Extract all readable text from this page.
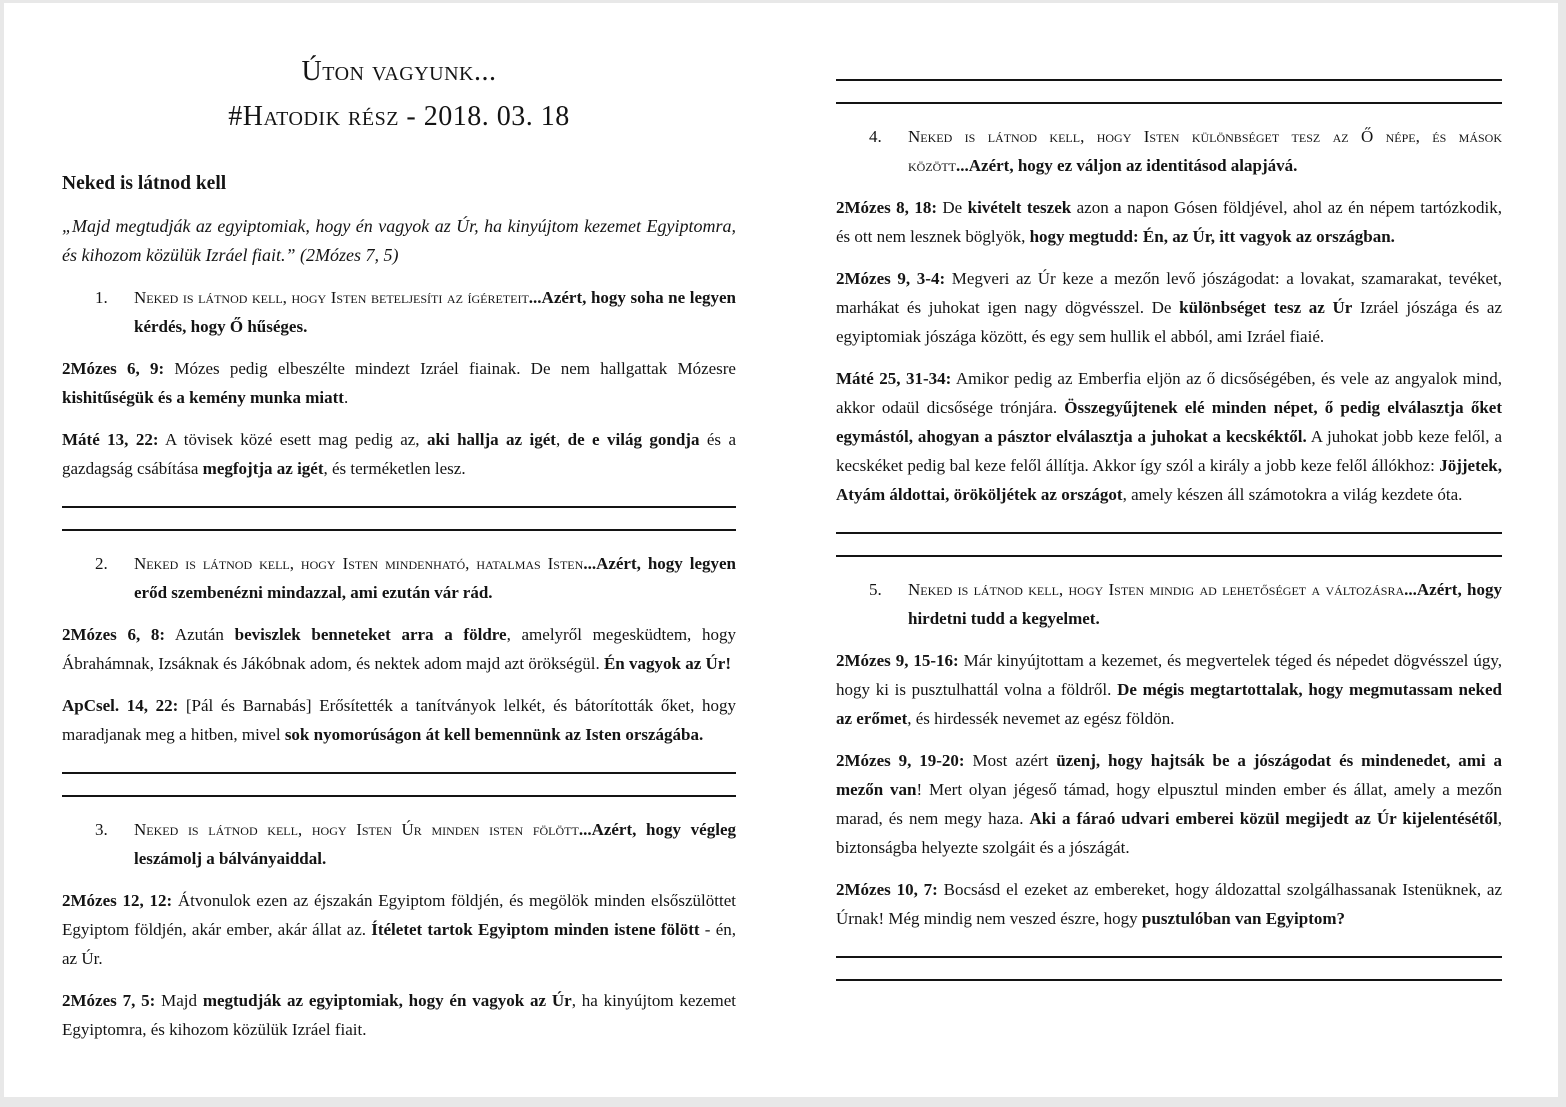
Úton vagyunk...
#Hatodik rész - 2018. 03. 18
Neked is látnod kell

„Majd megtudják az egyiptomiak, hogy én vagyok az Úr, ha kinyújtom kezemet Egyiptomra, és kihozom közülük Izráel fiait.” (2Mózes 7, 5)

1. Neked is látnod kell, hogy Isten beteljesíti az ígéreteit...Azért, hogy soha ne legyen kérdés, hogy Ő hűséges.

2Mózes 6, 9: Mózes pedig elbeszélte mindezt Izráel fiainak. De nem hallgattak Mózesre kishitűségük és a kemény munka miatt.

Máté 13, 22: A tövisek közé esett mag pedig az, aki hallja az igét, de e világ gondja és a gazdagság csábítása megfojtja az igét, és terméketlen lesz.

2. Neked is látnod kell, hogy Isten mindenható, hatalmas Isten...Azért, hogy legyen erőd szembenézni mindazzal, ami ezután vár rád.

2Mózes 6, 8: Azután beviszlek benneteket arra a földre, amelyről megesküdtem, hogy Ábrahámnak, Izsáknak és Jákóbnak adom, és nektek adom majd azt örökségül. Én vagyok az Úr!

ApCsel. 14, 22: [Pál és Barnabás] Erősítették a tanítványok lelkét, és bátorították őket, hogy maradjanak meg a hitben, mivel sok nyomorúságon át kell bemennünk az Isten országába.

3. Neked is látnod kell, hogy Isten Úr minden isten fölött...Azért, hogy végleg leszámolj a bálványaiddal.

2Mózes 12, 12: Átvonulok ezen az éjszakán Egyiptom földjén, és megölök minden elsőszülöttet Egyiptom földjén, akár ember, akár állat az. Ítéletet tartok Egyiptom minden istene fölött - én, az Úr.

2Mózes 7, 5: Majd megtudják az egyiptomiak, hogy én vagyok az Úr, ha kinyújtom kezemet Egyiptomra, és kihozom közülük Izráel fiait.

4. Neked is látnod kell, hogy Isten különbséget tesz az Ő népe, és mások között...Azért, hogy ez váljon az identitásod alapjává.

2Mózes 8, 18: De kivételt teszek azon a napon Gósen földjével, ahol az én népem tartózkodik, és ott nem lesznek böglyök, hogy megtudd: Én, az Úr, itt vagyok az országban.

2Mózes 9, 3-4: Megveri az Úr keze a mezőn levő jószágodat: a lovakat, szamarakat, tevéket, marhákat és juhokat igen nagy dögvésszel. De különbséget tesz az Úr Izráel jószága és az egyiptomiak jószága között, és egy sem hullik el abból, ami Izráel fiaié.

Máté 25, 31-34: Amikor pedig az Emberfia eljön az ő dicsőségében, és vele az angyalok mind, akkor odaül dicsősége trónjára. Összegyűjtenek elé minden népet, ő pedig elválasztja őket egymástól, ahogyan a pásztor elválasztja a juhokat a kecskéktől. A juhokat jobb keze felől, a kecskéket pedig bal keze felől állítja. Akkor így szól a király a jobb keze felől állókhoz: Jöjjetek, Atyám áldottai, örököljétek az országot, amely készen áll számotokra a világ kezdete óta.

5. Neked is látnod kell, hogy Isten mindig ad lehetőséget a változásra...Azért, hogy hirdetni tudd a kegyelmet.

2Mózes 9, 15-16: Már kinyújtottam a kezemet, és megvertelek téged és népedet dögvésszel úgy, hogy ki is pusztulhattál volna a földről. De mégis megtartottalak, hogy megmutassam neked az erőmet, és hirdessék nevemet az egész földön.

2Mózes 9, 19-20: Most azért üzenj, hogy hajtsák be a jószágodat és mindenedet, ami a mezőn van! Mert olyan jégeső támad, hogy elpusztul minden ember és állat, amely a mezőn marad, és nem megy haza. Aki a fáraó udvari emberei közül megijedt az Úr kijelentésétől, biztonságba helyezte szolgáit és a jószágát.

2Mózes 10, 7: Bocsásd el ezeket az embereket, hogy áldozattal szolgálhassanak Istenüknek, az Úrnak! Még mindig nem veszed észre, hogy pusztulóban van Egyiptom?
